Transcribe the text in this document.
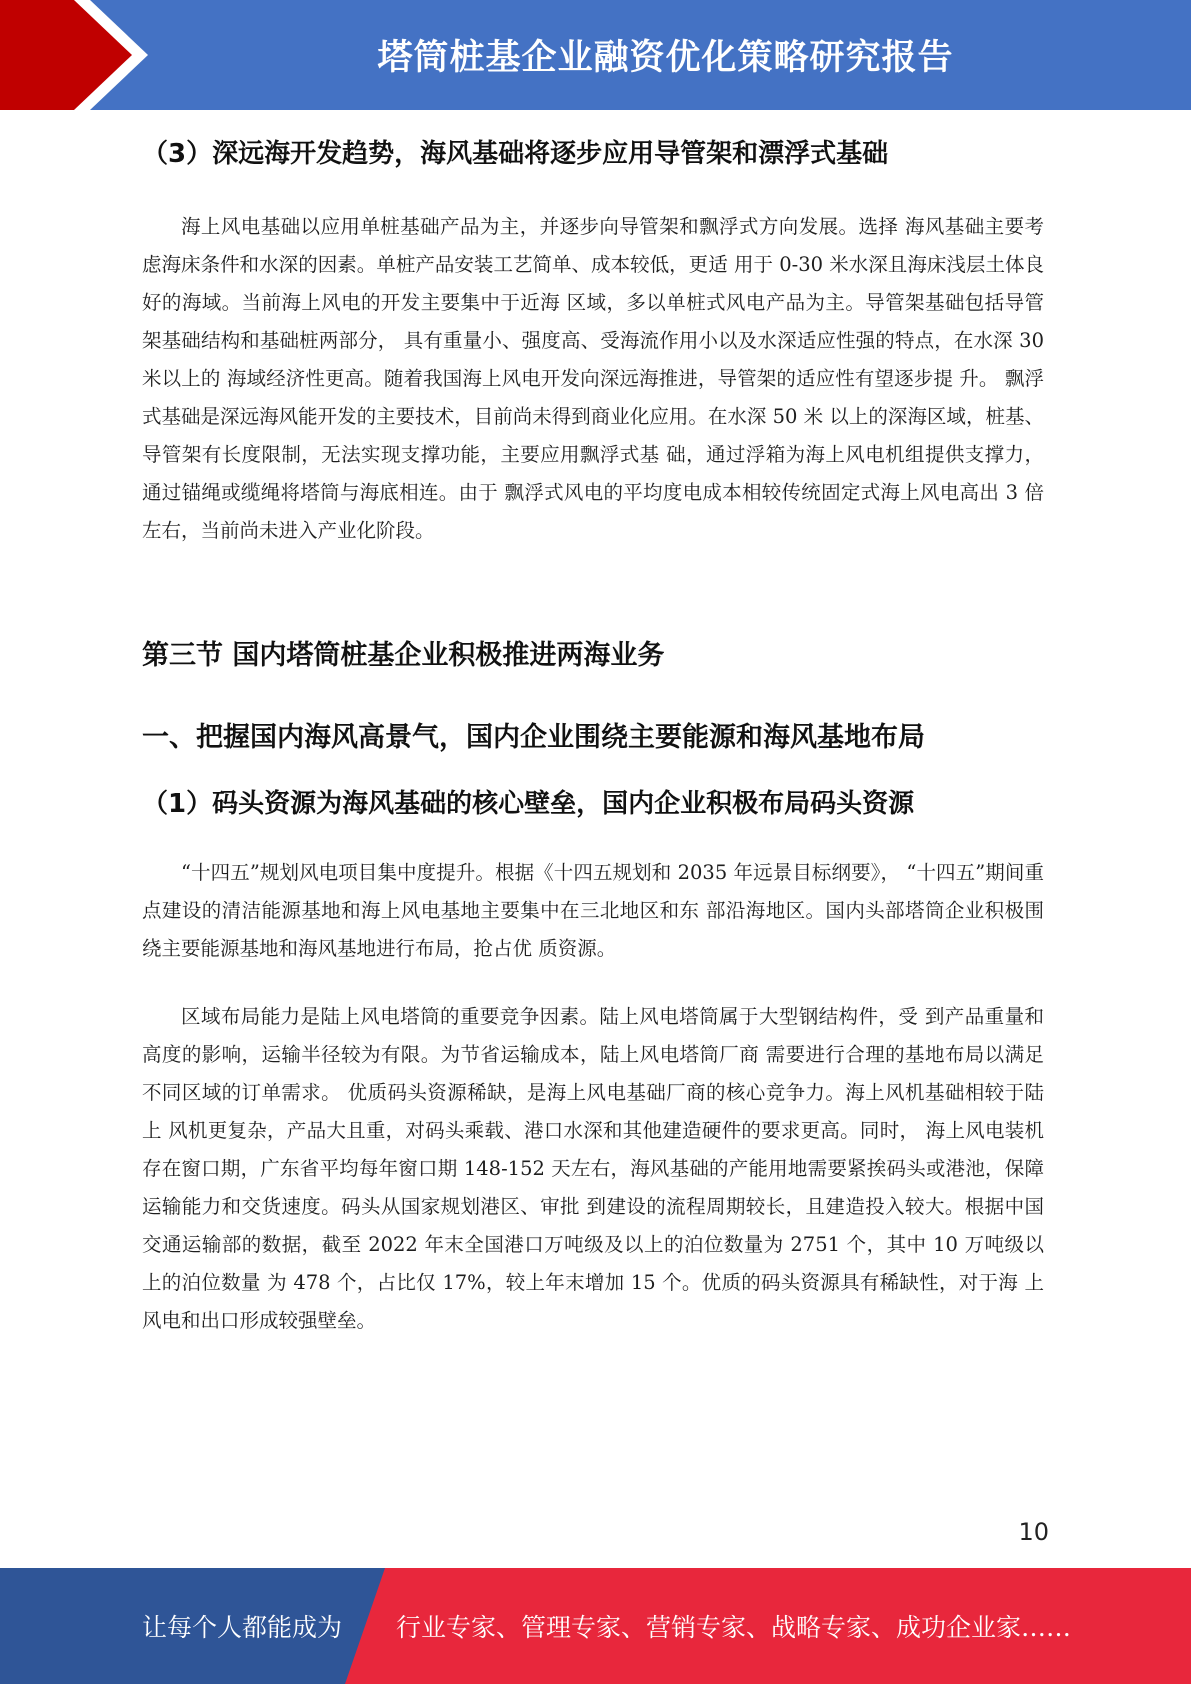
塔筒桩基企业融资优化策略研究报告
（3）深远海开发趋势，海风基础将逐步应用导管架和漂浮式基础

海上风电基础以应用单桩基础产品为主，并逐步向导管架和飘浮式方向发展。选择 海风基础主要考虑海床条件和水深的因素。单桩产品安装工艺简单、成本较低，更适 用于 0-30 米水深且海床浅层土体良好的海域。当前海上风电的开发主要集中于近海 区域，多以单桩式风电产品为主。导管架基础包括导管架基础结构和基础桩两部分， 具有重量小、强度高、受海流作用小以及水深适应性强的特点，在水深 30 米以上的 海域经济性更高。随着我国海上风电开发向深远海推进，导管架的适应性有望逐步提 升。 飘浮式基础是深远海风能开发的主要技术，目前尚未得到商业化应用。在水深 50 米 以上的深海区域，桩基、导管架有长度限制，无法实现支撑功能，主要应用飘浮式基 础，通过浮箱为海上风电机组提供支撑力，通过锚绳或缆绳将塔筒与海底相连。由于 飘浮式风电的平均度电成本相较传统固定式海上风电高出 3 倍左右，当前尚未进入产业化阶段。

第三节 国内塔筒桩基企业积极推进两海业务
一、把握国内海风高景气，国内企业围绕主要能源和海风基地布局
（1）码头资源为海风基础的核心壁垒，国内企业积极布局码头资源

“十四五”规划风电项目集中度提升。根据《十四五规划和 2035 年远景目标纲要》， “十四五”期间重点建设的清洁能源基地和海上风电基地主要集中在三北地区和东 部沿海地区。国内头部塔筒企业积极围绕主要能源基地和海风基地进行布局，抢占优 质资源。

区域布局能力是陆上风电塔筒的重要竞争因素。陆上风电塔筒属于大型钢结构件，受 到产品重量和高度的影响，运输半径较为有限。为节省运输成本，陆上风电塔筒厂商 需要进行合理的基地布局以满足不同区域的订单需求。 优质码头资源稀缺，是海上风电基础厂商的核心竞争力。海上风机基础相较于陆上 风机更复杂，产品大且重，对码头乘载、港口水深和其他建造硬件的要求更高。同时， 海上风电装机存在窗口期，广东省平均每年窗口期 148-152 天左右，海风基础的产能用地需要紧挨码头或港池，保障运输能力和交货速度。码头从国家规划港区、审批 到建设的流程周期较长，且建造投入较大。根据中国交通运输部的数据，截至 2022 年末全国港口万吨级及以上的泊位数量为 2751 个，其中 10 万吨级以上的泊位数量 为 478 个，占比仅 17%，较上年末增加 15 个。优质的码头资源具有稀缺性，对于海 上风电和出口形成较强壁垒。

10
让每个人都能成为 行业专家、管理专家、营销专家、战略专家、成功企业家……
